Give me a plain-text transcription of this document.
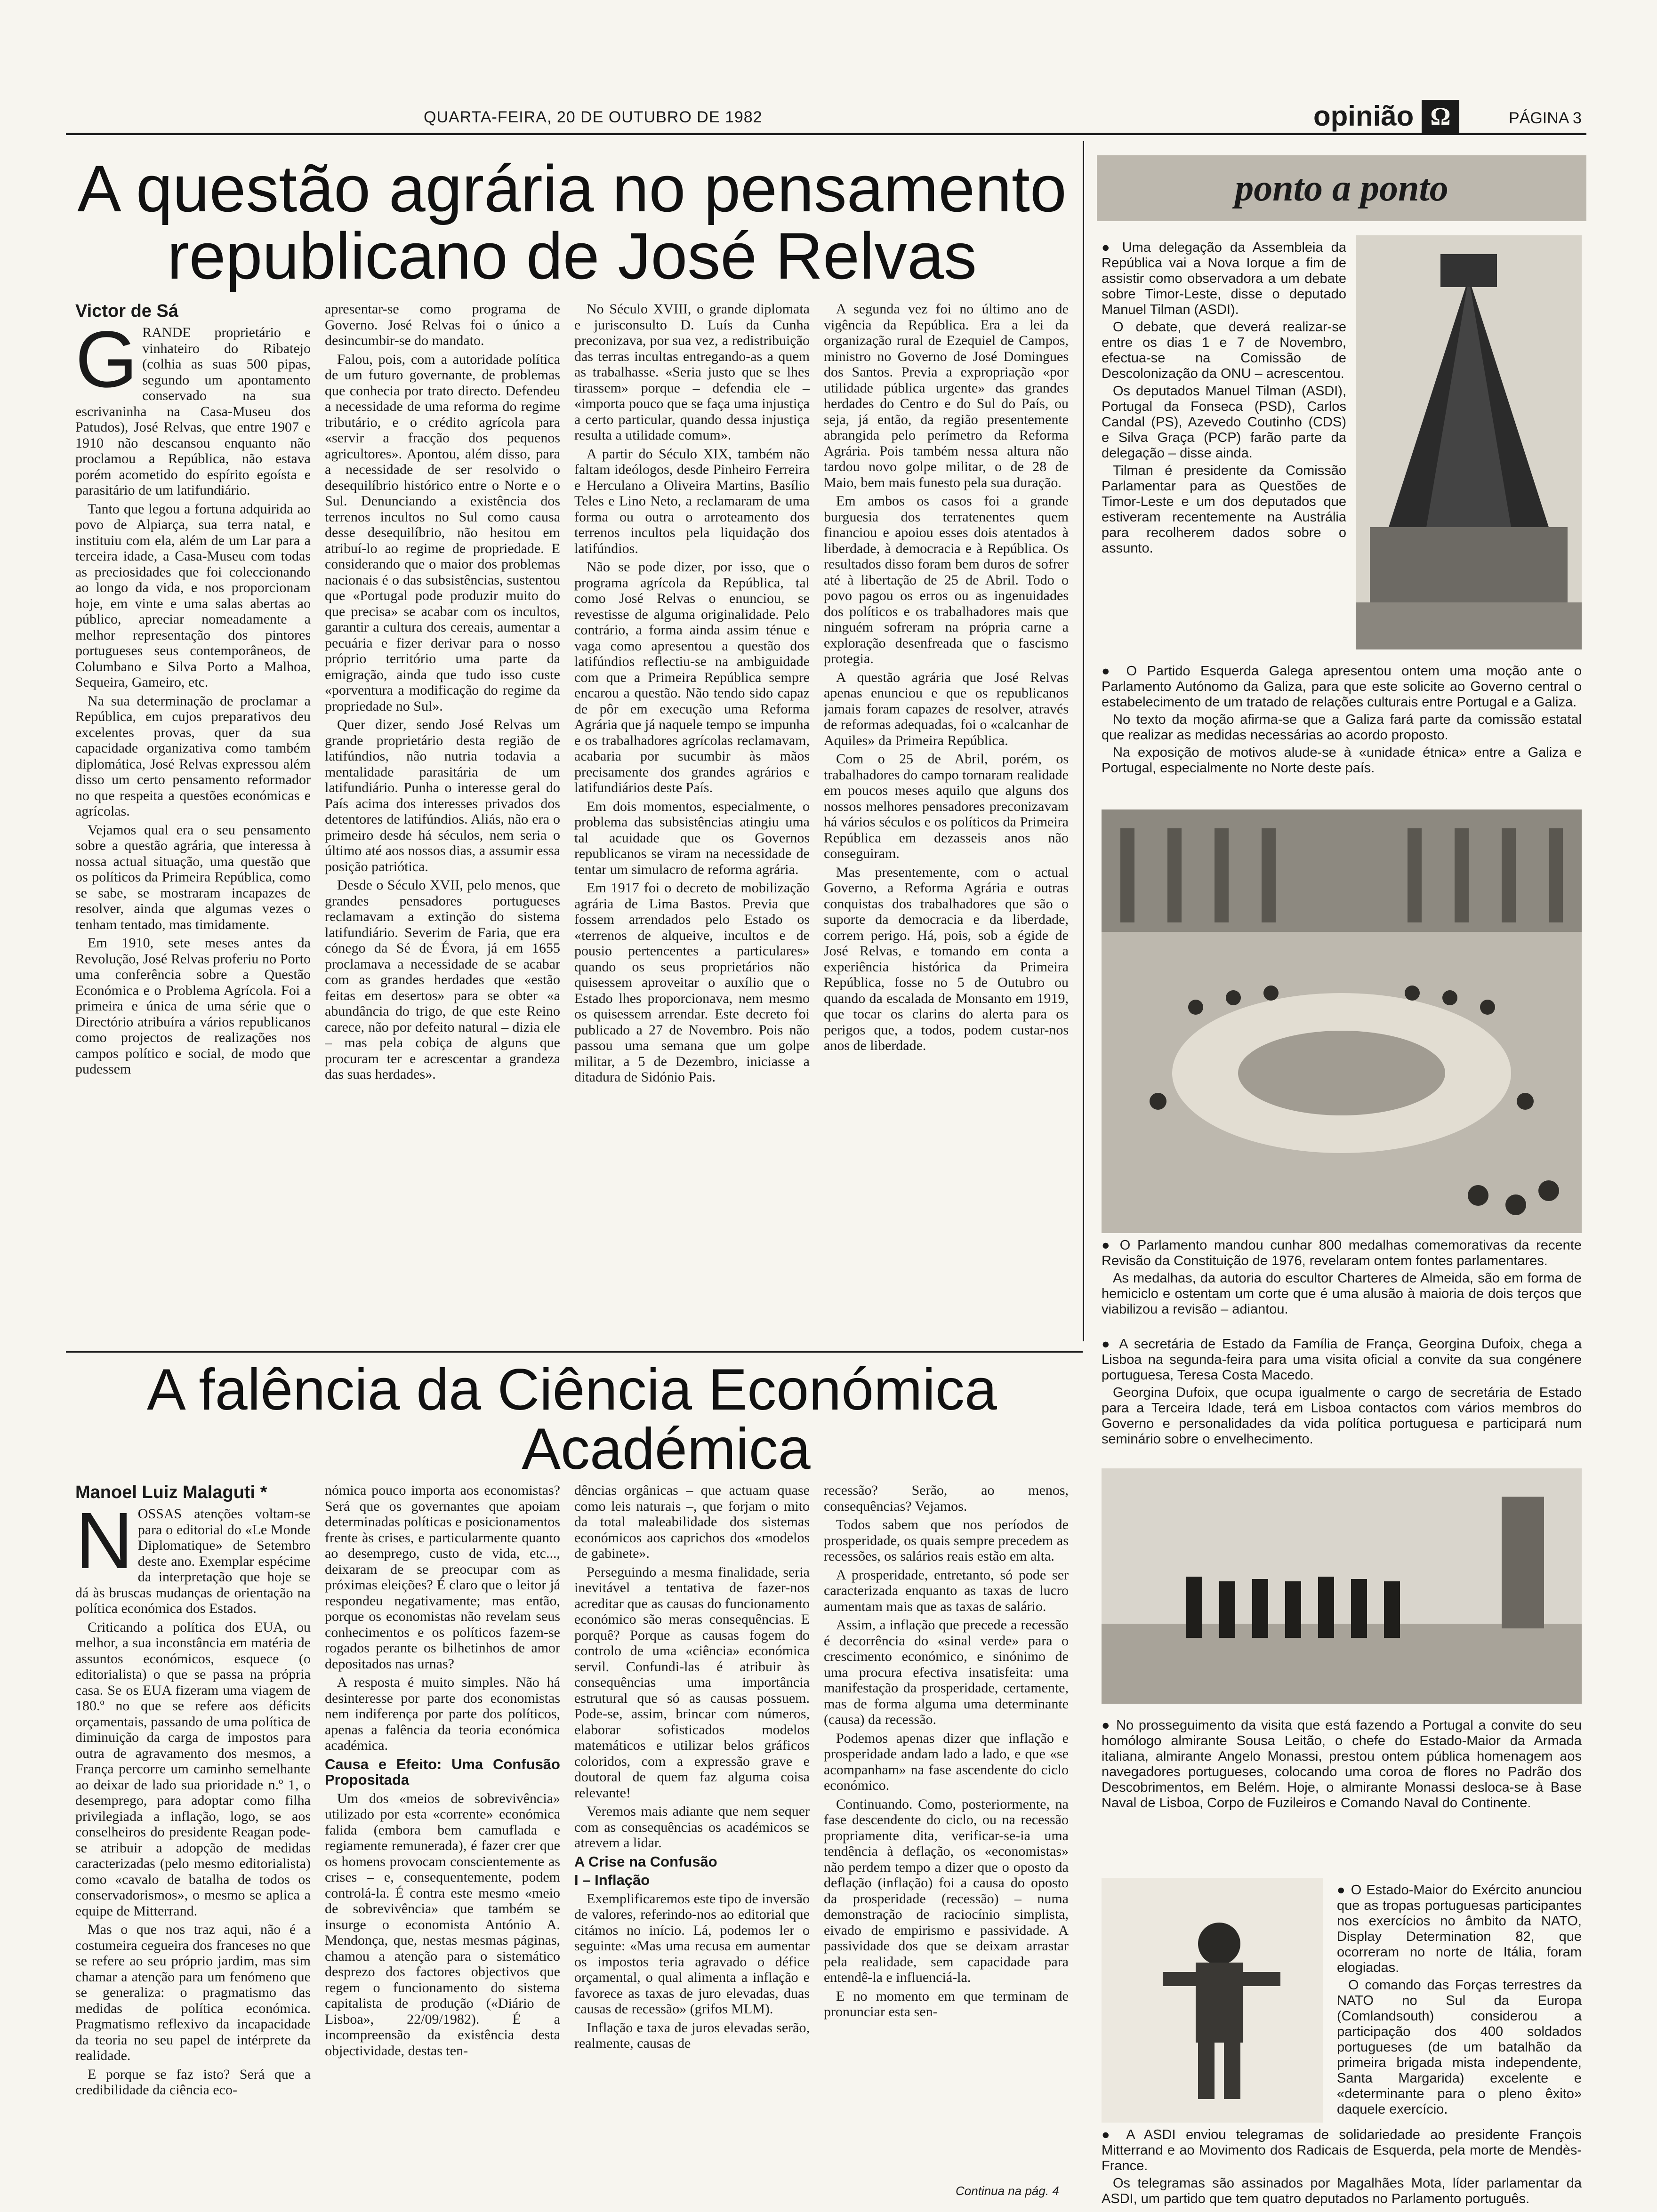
QUARTA-FEIRA, 20 DE OUTUBRO DE 1982	opinião Ω	PÁGINA 3
A questão agrária no pensamento
republicano de José Relvas
Victor de Sá
G RANDE proprietário e vinhateiro do Ribatejo (colhia as suas 500 pipas, segundo um apontamento conservado na sua escrivaninha na Casa-Museu dos Patudos), José Relvas, que entre 1907 e 1910 não descansou enquanto não proclamou a República, não estava porém acometido do espírito egoísta e parasitário de um latifundiário.

Tanto que legou a fortuna adquirida ao povo de Alpiarça, sua terra natal, e instituiu com ela, além de um Lar para a terceira idade, a Casa-Museu com todas as preciosidades que foi coleccionando ao longo da vida, e nos proporcionam hoje, em vinte e uma salas abertas ao público, apreciar nomeadamente a melhor representação dos pintores portugueses seus contemporâneos, de Columbano e Silva Porto a Malhoa, Sequeira, Gameiro, etc.

Na sua determinação de proclamar a República, em cujos preparativos deu excelentes provas, quer da sua capacidade organizativa como também diplomática, José Relvas expressou além disso um certo pensamento reformador no que respeita a questões económicas e agrícolas.

Vejamos qual era o seu pensamento sobre a questão agrária, que interessa à nossa actual situação, uma questão que os políticos da Primeira República, como se sabe, se mostraram incapazes de resolver, ainda que algumas vezes o tenham tentado, mas timidamente.

Em 1910, sete meses antes da Revolução, José Relvas proferiu no Porto uma conferência sobre a Questão Económica e o Problema Agrícola. Foi a primeira e única de uma série que o Directório atribuíra a vários republicanos como projectos de realizações nos campos político e social, de modo que pudessem

apresentar-se como programa de Governo. José Relvas foi o único a desincumbir-se do mandato.

Falou, pois, com a autoridade política de um futuro governante, de problemas que conhecia por trato directo. Defendeu a necessidade de uma reforma do regime tributário, e o crédito agrícola para «servir a fracção dos pequenos agricultores». Apontou, além disso, para a necessidade de ser resolvido o desequilíbrio histórico entre o Norte e o Sul. Denunciando a existência dos terrenos incultos no Sul como causa desse desequilíbrio, não hesitou em atribuí-lo ao regime de propriedade. E considerando que o maior dos problemas nacionais é o das subsistências, sustentou que «Portugal pode produzir muito do que precisa» se acabar com os incultos, garantir a cultura dos cereais, aumentar a pecuária e fizer derivar para o nosso próprio território uma parte da emigração, ainda que tudo isso custe «porventura a modificação do regime da propriedade no Sul».

Quer dizer, sendo José Relvas um grande proprietário desta região de latifúndios, não nutria todavia a mentalidade parasitária de um latifundiário. Punha o interesse geral do País acima dos interesses privados dos detentores de latifúndios. Aliás, não era o primeiro desde há séculos, nem seria o último até aos nossos dias, a assumir essa posição patriótica.

Desde o Século XVII, pelo menos, que grandes pensadores portugueses reclamavam a extinção do sistema latifundiário. Severim de Faria, que era cónego da Sé de Évora, já em 1655 proclamava a necessidade de se acabar com as grandes herdades que «estão feitas em desertos» para se obter «a abundância do trigo, de que este Reino carece, não por defeito natural – dizia ele – mas pela cobiça de alguns que procuram ter e acrescentar a grandeza das suas herdades».

No Século XVIII, o grande diplomata e jurisconsulto D. Luís da Cunha preconizava, por sua vez, a redistribuição das terras incultas entregando-as a quem as trabalhasse. «Seria justo que se lhes tirassem» porque – defendia ele – «importa pouco que se faça uma injustiça a certo particular, quando dessa injustiça resulta a utilidade comum».

A partir do Século XIX, também não faltam ideólogos, desde Pinheiro Ferreira e Herculano a Oliveira Martins, Basílio Teles e Lino Neto, a reclamaram de uma forma ou outra o arroteamento dos terrenos incultos pela liquidação dos latifúndios.

Não se pode dizer, por isso, que o programa agrícola da República, tal como José Relvas o enunciou, se revestisse de alguma originalidade. Pelo contrário, a forma ainda assim ténue e vaga como apresentou a questão dos latifúndios reflectiu-se na ambiguidade com que a Primeira República sempre encarou a questão. Não tendo sido capaz de pôr em execução uma Reforma Agrária que já naquele tempo se impunha e os trabalhadores agrícolas reclamavam, acabaria por sucumbir às mãos precisamente dos grandes agrários e latifundiários deste País.

Em dois momentos, especialmente, o problema das subsistências atingiu uma tal acuidade que os Governos republicanos se viram na necessidade de tentar um simulacro de reforma agrária.

Em 1917 foi o decreto de mobilização agrária de Lima Bastos. Previa que fossem arrendados pelo Estado os «terrenos de alqueive, incultos e de pousio pertencentes a particulares» quando os seus proprietários não quisessem aproveitar o auxílio que o Estado lhes proporcionava, nem mesmo os quisessem arrendar. Este decreto foi publicado a 27 de Novembro. Pois não passou uma semana que um golpe militar, a 5 de Dezembro, iniciasse a ditadura de Sidónio Pais.

A segunda vez foi no último ano de vigência da República. Era a lei da organização rural de Ezequiel de Campos, ministro no Governo de José Domingues dos Santos. Previa a expropriação «por utilidade pública urgente» das grandes herdades do Centro e do Sul do País, ou seja, já então, da região presentemente abrangida pelo perímetro da Reforma Agrária. Pois também nessa altura não tardou novo golpe militar, o de 28 de Maio, bem mais funesto pela sua duração.

Em ambos os casos foi a grande burguesia dos terratenentes quem financiou e apoiou esses dois atentados à liberdade, à democracia e à República. Os resultados disso foram bem duros de sofrer até à libertação de 25 de Abril. Todo o povo pagou os erros ou as ingenuidades dos políticos e os trabalhadores mais que ninguém sofreram na própria carne a exploração desenfreada que o fascismo protegia.

A questão agrária que José Relvas apenas enunciou e que os republicanos jamais foram capazes de resolver, através de reformas adequadas, foi o «calcanhar de Aquiles» da Primeira República.

Com o 25 de Abril, porém, os trabalhadores do campo tornaram realidade em poucos meses aquilo que alguns dos nossos melhores pensadores preconizavam há vários séculos e os políticos da Primeira República em dezasseis anos não conseguiram.

Mas presentemente, com o actual Governo, a Reforma Agrária e outras conquistas dos trabalhadores que são o suporte da democracia e da liberdade, correm perigo. Há, pois, sob a égide de José Relvas, e tomando em conta a experiência histórica da Primeira República, fosse no 5 de Outubro ou quando da escalada de Monsanto em 1919, que tocar os clarins do alerta para os perigos que, a todos, podem custar-nos anos de liberdade.

A falência da Ciência Económica
Académica
Manoel Luiz Malaguti *
N OSSAS atenções voltam-se para o editorial do «Le Monde Diplomatique» de Setembro deste ano. Exemplar espécime da interpretação que hoje se dá às bruscas mudanças de orientação na política económica dos Estados.

Criticando a política dos EUA, ou melhor, a sua inconstância em matéria de assuntos económicos, esquece (o editorialista) o que se passa na própria casa. Se os EUA fizeram uma viagem de 180.º no que se refere aos déficits orçamentais, passando de uma política de diminuição da carga de impostos para outra de agravamento dos mesmos, a França percorre um caminho semelhante ao deixar de lado sua prioridade n.º 1, o desemprego, para adoptar como filha privilegiada a inflação, logo, se aos conselheiros do presidente Reagan pode-se atribuir a adopção de medidas caracterizadas (pelo mesmo editorialista) como «cavalo de batalha de todos os conservadorismos», o mesmo se aplica a equipe de Mitterrand.

Mas o que nos traz aqui, não é a costumeira cegueira dos franceses no que se refere ao seu próprio jardim, mas sim chamar a atenção para um fenómeno que se generaliza: o pragmatismo das medidas de política económica. Pragmatismo reflexivo da incapacidade da teoria no seu papel de intérprete da realidade.

E porque se faz isto? Será que a credibilidade da ciência eco-

nómica pouco importa aos economistas? Será que os governantes que apoiam determinadas políticas e posicionamentos frente às crises, e particularmente quanto ao desemprego, custo de vida, etc..., deixaram de se preocupar com as próximas eleições? É claro que o leitor já respondeu negativamente; mas então, porque os economistas não revelam seus conhecimentos e os políticos fazem-se rogados perante os bilhetinhos de amor depositados nas urnas?

A resposta é muito simples. Não há desinteresse por parte dos economistas nem indiferença por parte dos políticos, apenas a falência da teoria económica académica.

Causa e Efeito: Uma Confusão Propositada

Um dos «meios de sobrevivência» utilizado por esta «corrente» económica falida (embora bem camuflada e regiamente remunerada), é fazer crer que os homens provocam conscientemente as crises – e, consequentemente, podem controlá-la. É contra este mesmo «meio de sobrevivência» que também se insurge o economista António A. Mendonça, que, nestas mesmas páginas, chamou a atenção para o sistemático desprezo dos factores objectivos que regem o funcionamento do sistema capitalista de produção («Diário de Lisboa», 22/09/1982). É a incompreensão da existência desta objectividade, destas ten-

dências orgânicas – que actuam quase como leis naturais –, que forjam o mito da total maleabilidade dos sistemas económicos aos caprichos dos «modelos de gabinete».

Perseguindo a mesma finalidade, seria inevitável a tentativa de fazer-nos acreditar que as causas do funcionamento económico são meras consequências. E porquê? Porque as causas fogem do controlo de uma «ciência» económica servil. Confundi-las é atribuir às consequências uma importância estrutural que só as causas possuem. Pode-se, assim, brincar com números, elaborar sofisticados modelos matemáticos e utilizar belos gráficos coloridos, com a expressão grave e doutoral de quem faz alguma coisa relevante!

Veremos mais adiante que nem sequer com as consequências os académicos se atrevem a lidar.

A Crise na Confusão

I – Inflação

Exemplificaremos este tipo de inversão de valores, referindo-nos ao editorial que citámos no início. Lá, podemos ler o seguinte: «Mas uma recusa em aumentar os impostos teria agravado o défice orçamental, o qual alimenta a inflação e favorece as taxas de juro elevadas, duas causas de recessão» (grifos MLM).

Inflação e taxa de juros elevadas serão, realmente, causas de

recessão? Serão, ao menos, consequências? Vejamos.

Todos sabem que nos períodos de prosperidade, os quais sempre precedem as recessões, os salários reais estão em alta.

A prosperidade, entretanto, só pode ser caracterizada enquanto as taxas de lucro aumentam mais que as taxas de salário.

Assim, a inflação que precede a recessão é decorrência do «sinal verde» para o crescimento económico, e sinónimo de uma procura efectiva insatisfeita: uma manifestação da prosperidade, certamente, mas de forma alguma uma determinante (causa) da recessão.

Podemos apenas dizer que inflação e prosperidade andam lado a lado, e que «se acompanham» na fase ascendente do ciclo económico.

Continuando. Como, posteriormente, na fase descendente do ciclo, ou na recessão propriamente dita, verificar-se-ia uma tendência à deflação, os «economistas» não perdem tempo a dizer que o oposto da deflação (inflação) foi a causa do oposto da prosperidade (recessão) – numa demonstração de raciocínio simplista, eivado de empirismo e passividade. A passividade dos que se deixam arrastar pela realidade, sem capacidade para entendê-la e influenciá-la.

E no momento em que terminam de pronunciar esta sen-

Continua na pág. 4
ponto a ponto

● Uma delegação da Assembleia da República vai a Nova Iorque a fim de assistir como observadora a um debate sobre Timor-Leste, disse o deputado Manuel Tilman (ASDI).

O debate, que deverá realizar-se entre os dias 1 e 7 de Novembro, efectua-se na Comissão de Descolonização da ONU – acrescentou.

Os deputados Manuel Tilman (ASDI), Portugal da Fonseca (PSD), Carlos Candal (PS), Azevedo Coutinho (CDS) e Silva Graça (PCP) farão parte da delegação – disse ainda.

Tilman é presidente da Comissão Parlamentar para as Questões de Timor-Leste e um dos deputados que estiveram recentemente na Austrália para recolherem dados sobre o assunto.

● O Partido Esquerda Galega apresentou ontem uma moção ante o Parlamento Autónomo da Galiza, para que este solicite ao Governo central o estabelecimento de um tratado de relações culturais entre Portugal e a Galiza.

No texto da moção afirma-se que a Galiza fará parte da comissão estatal que realizar as medidas necessárias ao acordo proposto.

Na exposição de motivos alude-se à «unidade étnica» entre a Galiza e Portugal, especialmente no Norte deste país.

● O Parlamento mandou cunhar 800 medalhas comemorativas da recente Revisão da Constituição de 1976, revelaram ontem fontes parlamentares.

As medalhas, da autoria do escultor Charteres de Almeida, são em forma de hemiciclo e ostentam um corte que é uma alusão à maioria de dois terços que viabilizou a revisão – adiantou.

● A secretária de Estado da Família de França, Georgina Dufoix, chega a Lisboa na segunda-feira para uma visita oficial a convite da sua congénere portuguesa, Teresa Costa Macedo.

Georgina Dufoix, que ocupa igualmente o cargo de secretária de Estado para a Terceira Idade, terá em Lisboa contactos com vários membros do Governo e personalidades da vida política portuguesa e participará num seminário sobre o envelhecimento.

● No prosseguimento da visita que está fazendo a Portugal a convite do seu homólogo almirante Sousa Leitão, o chefe do Estado-Maior da Armada italiana, almirante Angelo Monassi, prestou ontem pública homenagem aos navegadores portugueses, colocando uma coroa de flores no Padrão dos Descobrimentos, em Belém. Hoje, o almirante Monassi desloca-se à Base Naval de Lisboa, Corpo de Fuzileiros e Comando Naval do Continente.

● O Estado-Maior do Exército anunciou que as tropas portuguesas participantes nos exercícios no âmbito da NATO, Display Determination 82, que ocorreram no norte de Itália, foram elogiadas.

O comando das Forças terrestres da NATO no Sul da Europa (Comlandsouth) considerou a participação dos 400 soldados portugueses (de um batalhão da primeira brigada mista independente, Santa Margarida) excelente e «determinante para o pleno êxito» daquele exercício.

● A ASDI enviou telegramas de solidariedade ao presidente François Mitterrand e ao Movimento dos Radicais de Esquerda, pela morte de Mendès-France.

Os telegramas são assinados por Magalhães Mota, líder parlamentar da ASDI, um partido que tem quatro deputados no Parlamento português.
